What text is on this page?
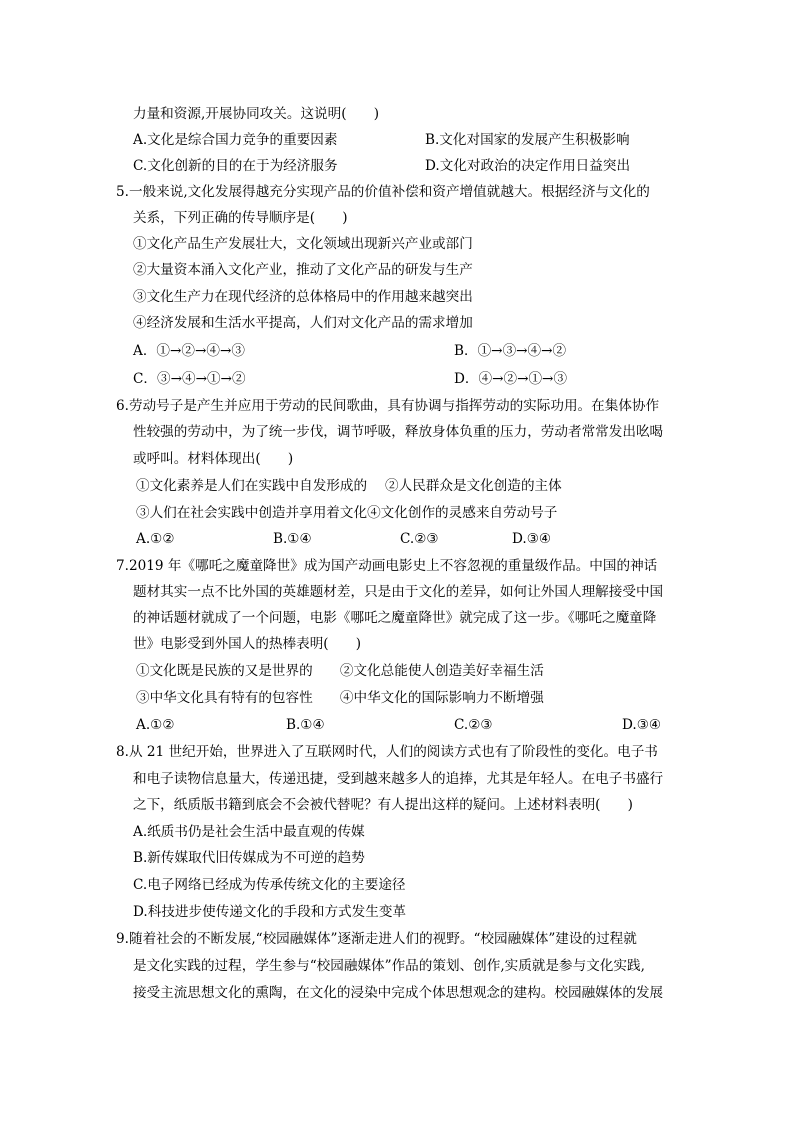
力量和资源,开展协同攻关。这说明(　　)
A.文化是综合国力竞争的重要因素	B.文化对国家的发展产生积极影响
C.文化创新的目的在于为经济服务	D.文化对政治的决定作用日益突出
5.一般来说,文化发展得越充分实现产品的价值补偿和资产增值就越大。根据经济与文化的
关系，下列正确的传导顺序是(　　)
①文化产品生产发展壮大，文化领域出现新兴产业或部门
②大量资本涌入文化产业，推动了文化产品的研发与生产
③文化生产力在现代经济的总体格局中的作用越来越突出
④经济发展和生活水平提高，人们对文化产品的需求增加
A．①→②→④→③	B．①→③→④→②
C．③→④→①→②	D．④→②→①→③
6.劳动号子是产生并应用于劳动的民间歌曲，具有协调与指挥劳动的实际功用。在集体协作
性较强的劳动中，为了统一步伐，调节呼吸，释放身体负重的压力，劳动者常常发出吆喝
或呼叫。材料体现出(　　)
①文化素养是人们在实践中自发形成的　 ②人民群众是文化创造的主体
③人们在社会实践中创造并享用着文化④文化创作的灵感来自劳动号子
A.①②	B.①④	C.②③	D.③④
7.2019 年《哪吒之魔童降世》成为国产动画电影史上不容忽视的重量级作品。中国的神话
题材其实一点不比外国的英雄题材差，只是由于文化的差异，如何让外国人理解接受中国
的神话题材就成了一个问题，电影《哪吒之魔童降世》就完成了这一步。《哪吒之魔童降
世》电影受到外国人的热棒表明(　　)
①文化既是民族的又是世界的　　②文化总能使人创造美好幸福生活
③中华文化具有特有的包容性　　④中华文化的国际影响力不断增强
A.①②	B.①④	C.②③	D.③④
8.从 21 世纪开始，世界进入了互联网时代，人们的阅读方式也有了阶段性的变化。电子书
和电子读物信息量大，传递迅捷，受到越来越多人的追捧，尤其是年轻人。在电子书盛行
之下，纸质版书籍到底会不会被代替呢？有人提出这样的疑问。上述材料表明(　　)
A.纸质书仍是社会生活中最直观的传媒
B.新传媒取代旧传媒成为不可逆的趋势
C.电子网络已经成为传承传统文化的主要途径
D.科技进步使传递文化的手段和方式发生变革
9.随着社会的不断发展,“校园融媒体”逐渐走进人们的视野。“校园融媒体”建设的过程就
是文化实践的过程，学生参与“校园融媒体”作品的策划、创作,实质就是参与文化实践,
接受主流思想文化的熏陶，在文化的浸染中完成个体思想观念的建构。校园融媒体的发展
